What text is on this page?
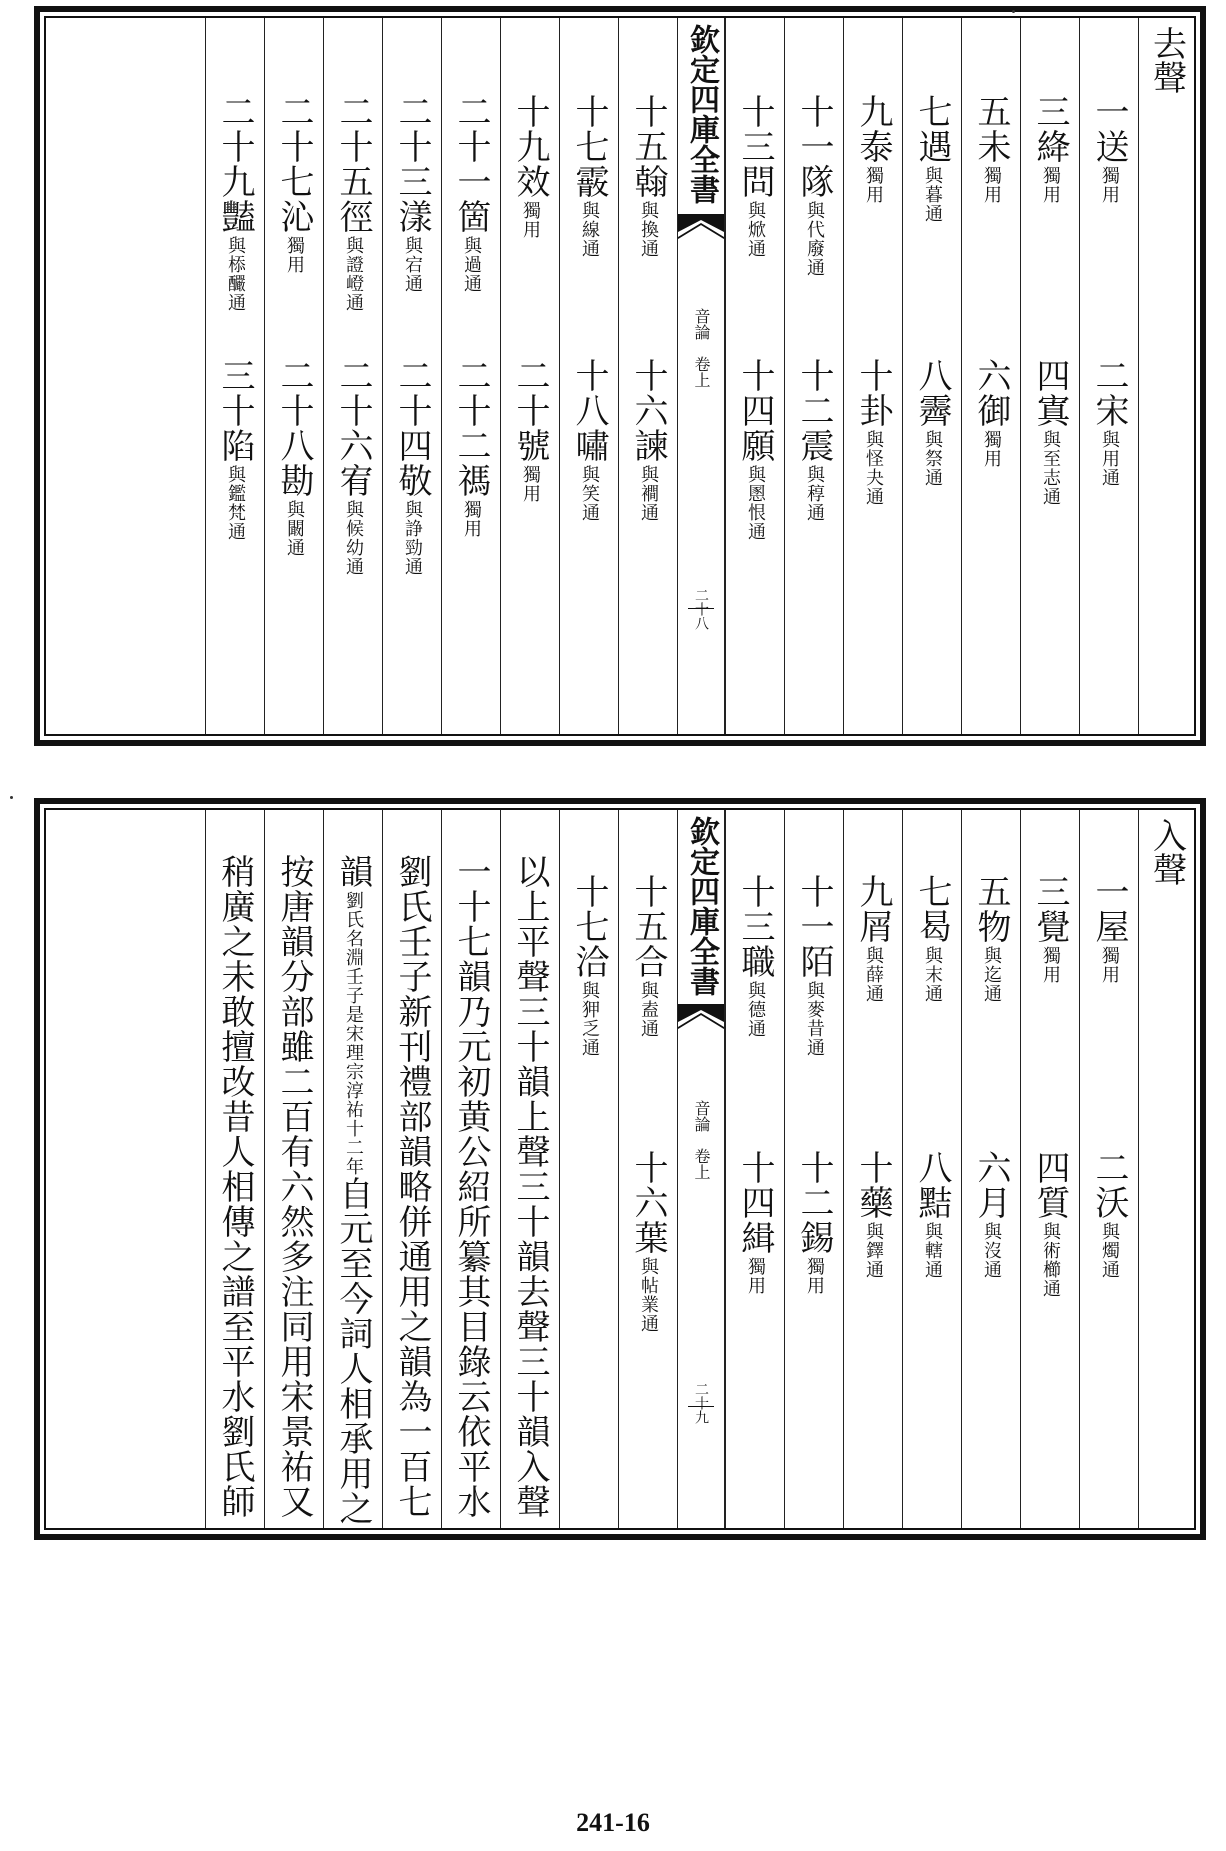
去聲
一送
獨用
二宋
與用通
三絳
獨用
四寘
與至志通
五未
獨用
六御
獨用
七遇
與暮通
八霽
與祭通
九泰
獨用
十卦
與怪夬通
十一隊
與代廢通
十二震
與稕通
十三問
與焮通
十四願
與慁恨通
欽定四庫全書
音論　卷上
二十八
十五翰
與換通
十六諫
與襇通
十七霰
與線通
十八嘯
與笑通
十九效
獨用
二十號
獨用
二十一箇
與過通
二十二禡
獨用
二十三漾
與宕通
二十四敬
與諍勁通
二十五徑
與證嶝通
二十六宥
與候幼通
二十七沁
獨用
二十八勘
與闞通
二十九豔
與㮇釅通
三十陷
與鑑梵通
入聲
一屋
獨用
二沃
與燭通
三覺
獨用
四質
與術櫛通
五物
與迄通
六月
與沒通
七曷
與末通
八黠
與轄通
九屑
與薛通
十藥
與鐸通
十一陌
與麥昔通
十二錫
獨用
十三職
與德通
十四緝
獨用
欽定四庫全書
音論　卷上
二十九
十五合
與盍通
十六葉
與帖業通
十七洽
與狎乏通
以上平聲三十韻上聲三十韻去聲三十韻入聲
一十七韻乃元初黄公紹所纂其目錄云依平水
劉氏壬子新刊禮部韻略併通用之韻為一百七
韻
劉氏名淵壬子是宋理宗淳祐十二年
自元至今詞人相承用之
按唐韻分部雖二百有六然多注同用宋景祐又
稍廣之未敢擅改昔人相傳之譜至平水劉氏師
241-16
